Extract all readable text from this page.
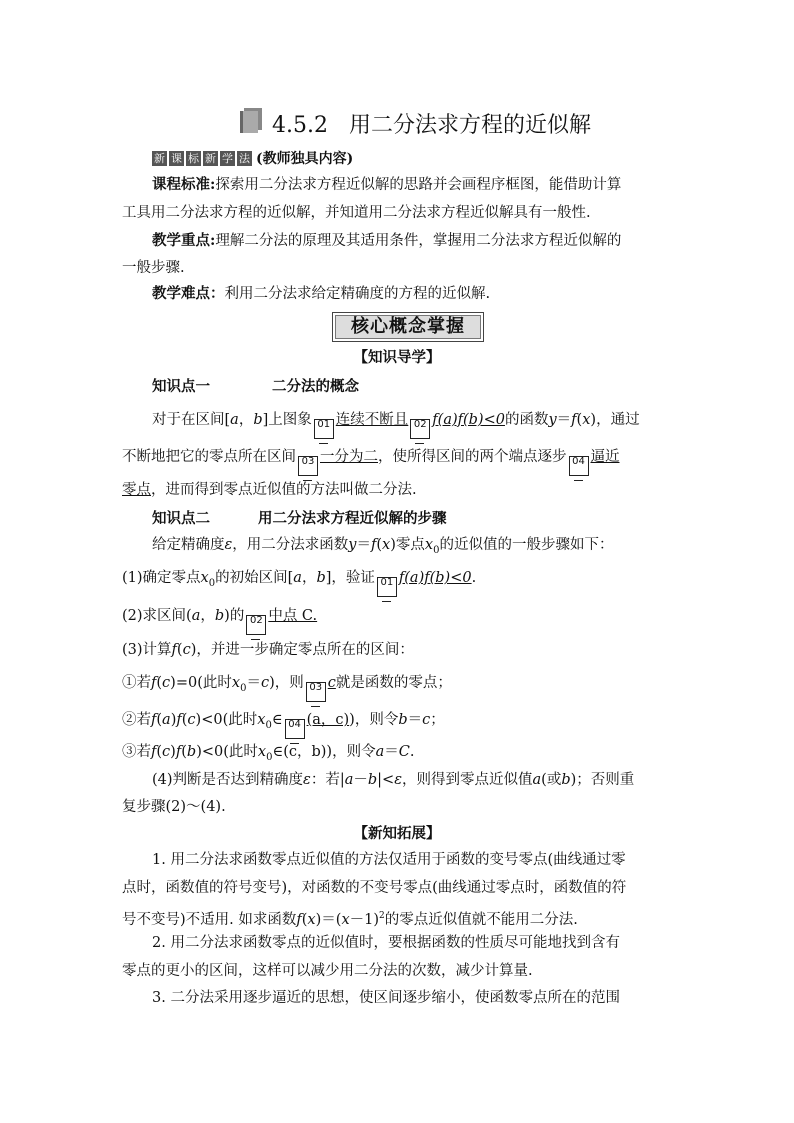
4.5.2 用二分法求方程的近似解
新 课 标 新 学 法 (教师独具内容)
课程标准:探索用二分法求方程近似解的思路并会画程序框图，能借助计算
工具用二分法求方程的近似解，并知道用二分法求方程近似解具有一般性.
教学重点:理解二分法的原理及其适用条件，掌握用二分法求方程近似解的
一般步骤.
教学难点：利用二分法求给定精确度的方程的近似解.
核心概念掌握
【知识导学】
知识点一	二分法的概念
对于在区间[a，b]上图象 01 连续不断且 02 f(a)f(b)<0的函数y＝f(x)，通过
不断地把它的零点所在区间 03 一分为二，使所得区间的两个端点逐步 04 逼近
零点，进而得到零点近似值的方法叫做二分法.
知识点二	用二分法求方程近似解的步骤
给定精确度ε，用二分法求函数y＝f(x)零点$x_0$的近似值的一般步骤如下：
(1)确定零点$x_0$的初始区间[a，b]，验证 01 f(a)f(b)<0.
(2)求区间(a，b)的 02 中点 C.
(3)计算f(c)，并进一步确定零点所在的区间：
①若f(c)=0(此时$x_0=c$)，则 03 c就是函数的零点；
②若f(a)f(c)<0(此时$x_0\in$ 04 (a，c))，则令b＝c；
③若f(c)f(b)<0(此时$x_0\in(c$，b))，则令a＝C.
(4)判断是否达到精确度ε：若|a－b|<ε，则得到零点近似值a(或b)；否则重
复步骤(2)～(4).
【新知拓展】
1. 用二分法求函数零点近似值的方法仅适用于函数的变号零点(曲线通过零
点时，函数值的符号变号)，对函数的不变号零点(曲线通过零点时，函数值的符
号不变号)不适用. 如求函数$f(x)=(x-1)^2$的零点近似值就不能用二分法.
2. 用二分法求函数零点的近似值时，要根据函数的性质尽可能地找到含有
零点的更小的区间，这样可以减少用二分法的次数，减少计算量.
3. 二分法采用逐步逼近的思想，使区间逐步缩小，使函数零点所在的范围
